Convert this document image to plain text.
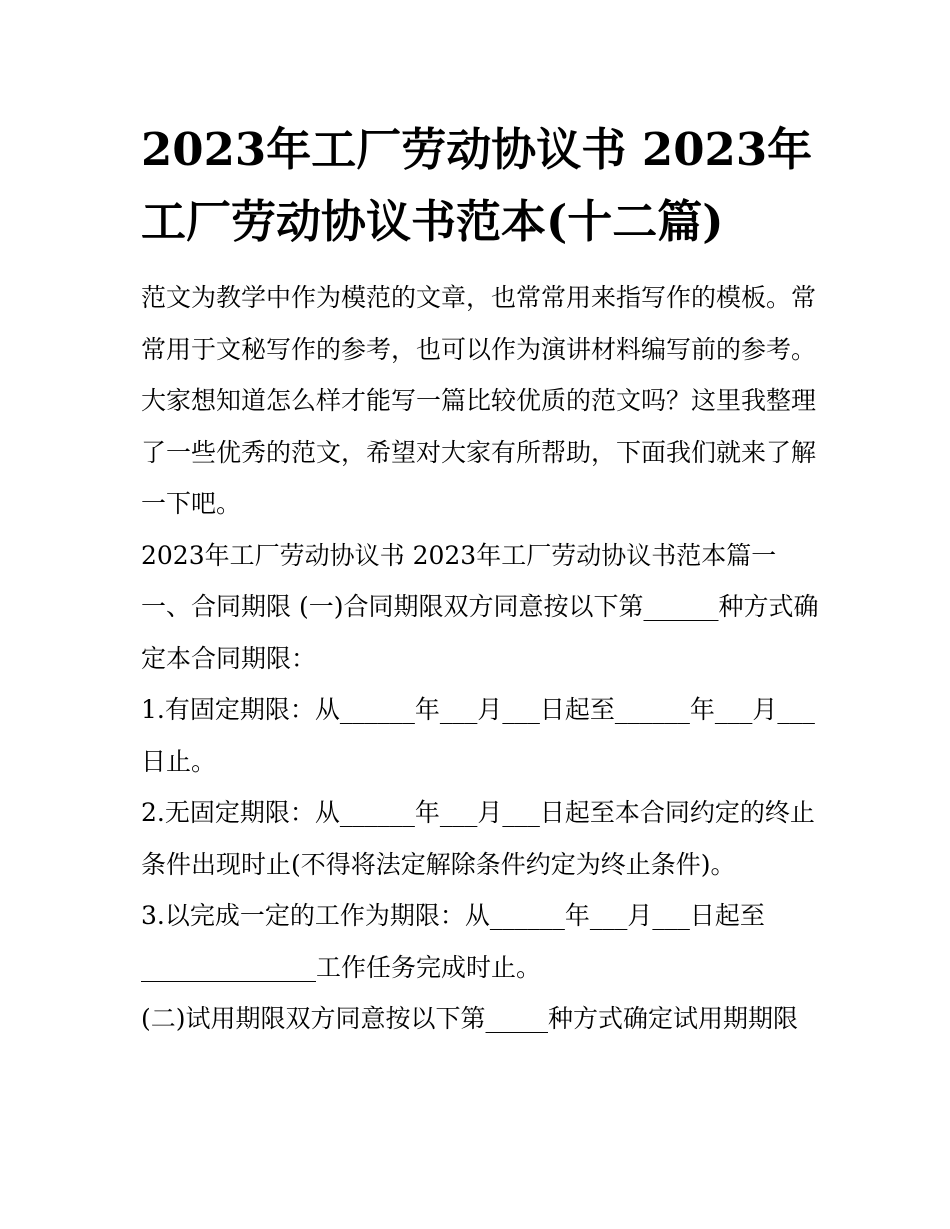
2023年工厂劳动协议书 2023年工厂劳动协议书范本(十二篇)

范文为教学中作为模范的文章，也常常用来指写作的模板。常常用于文秘写作的参考，也可以作为演讲材料编写前的参考。大家想知道怎么样才能写一篇比较优质的范文吗？这里我整理了一些优秀的范文，希望对大家有所帮助，下面我们就来了解一下吧。

2023年工厂劳动协议书 2023年工厂劳动协议书范本篇一 一、合同期限 (一)合同期限双方同意按以下第______种方式确定本合同期限：

1.有固定期限：从______年___月___日起至______年___月___日止。

2.无固定期限：从______年___月___日起至本合同约定的终止条件出现时止(不得将法定解除条件约定为终止条件)。

3.以完成一定的工作为期限：从______年___月___日起至______________工作任务完成时止。

(二)试用期限双方同意按以下第_____种方式确定试用期期限
